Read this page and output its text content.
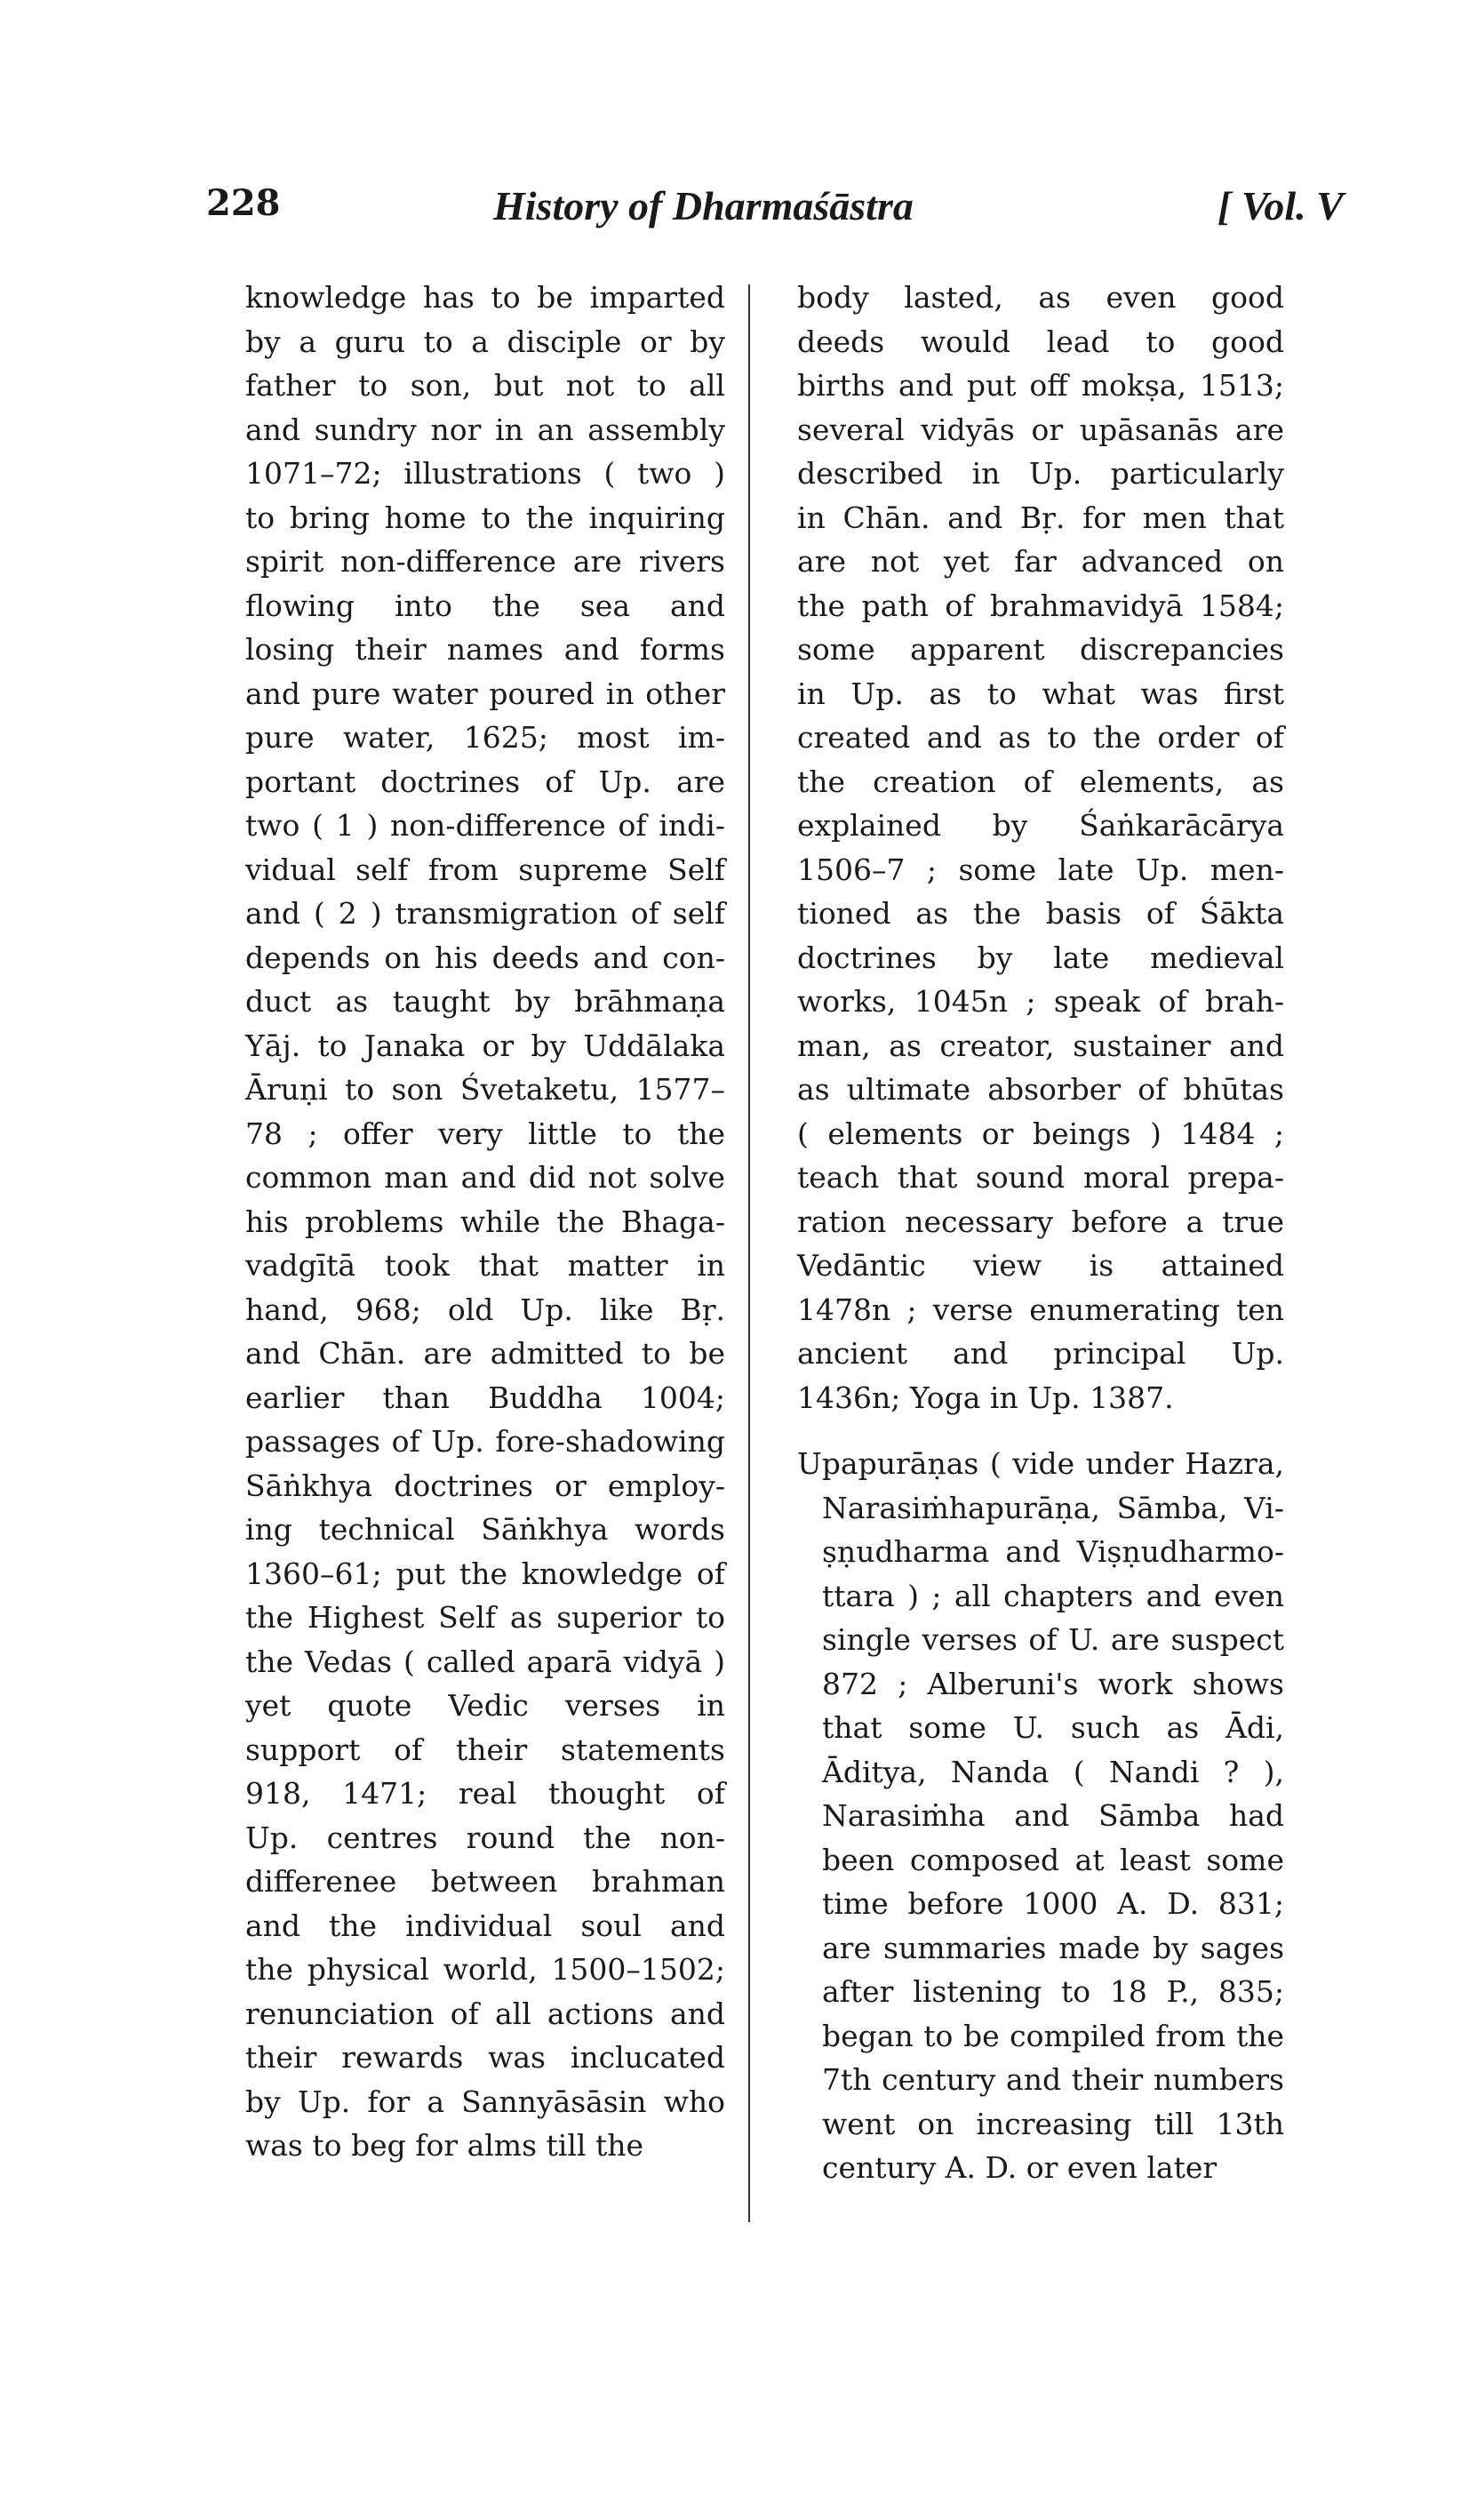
228	History of Dharmaśāstra	[ Vol. V
knowledge has to be imparted
by a guru to a disciple or by
father to son, but not to all
and sundry nor in an assembly
1071–72; illustrations ( two )
to bring home to the inquiring
spirit non-difference are rivers
flowing into the sea and
losing their names and forms
and pure water poured in other
pure water, 1625; most im-
portant doctrines of Up. are
two ( 1 ) non-difference of indi-
vidual self from supreme Self
and ( 2 ) transmigration of self
depends on his deeds and con-
duct as taught by brāhmaṇa
Yāj. to Janaka or by Uddālaka
Āruṇi to son Śvetaketu, 1577–
78 ; offer very little to the
common man and did not solve
his problems while the Bhaga-
vadgītā took that matter in
hand, 968; old Up. like Bṛ.
and Chān. are admitted to be
earlier than Buddha 1004;
passages of Up. fore-shadowing
Sāṅkhya doctrines or employ-
ing technical Sāṅkhya words
1360–61; put the knowledge of
the Highest Self as superior to
the Vedas ( called aparā vidyā )
yet quote Vedic verses in
support of their statements
918, 1471; real thought of
Up. centres round the non-
differenee between brahman
and the individual soul and
the physical world, 1500–1502;
renunciation of all actions and
their rewards was inclucated
by Up. for a Sannyāsāsin who
was to beg for alms till the
body lasted, as even good
deeds would lead to good
births and put off mokṣa, 1513;
several vidyās or upāsanās are
described in Up. particularly
in Chān. and Bṛ. for men that
are not yet far advanced on
the path of brahmavidyā 1584;
some apparent discrepancies
in Up. as to what was first
created and as to the order of
the creation of elements, as
explained by Śaṅkarācārya
1506–7 ; some late Up. men-
tioned as the basis of Śākta
doctrines by late medieval
works, 1045n ; speak of brah-
man, as creator, sustainer and
as ultimate absorber of bhūtas
( elements or beings ) 1484 ;
teach that sound moral prepa-
ration necessary before a true
Vedāntic view is attained
1478n ; verse enumerating ten
ancient and principal Up.
1436n; Yoga in Up. 1387.
Upapurāṇas ( vide under Hazra,
Narasiṁhapurāṇa, Sāmba, Vi-
ṣṇudharma and Viṣṇudharmo-
ttara ) ; all chapters and even
single verses of U. are suspect
872 ; Alberuni's work shows
that some U. such as Ādi,
Āditya, Nanda ( Nandi ? ),
Narasiṁha and Sāmba had
been composed at least some
time before 1000 A. D. 831;
are summaries made by sages
after listening to 18 P., 835;
began to be compiled from the
7th century and their numbers
went on increasing till 13th
century A. D. or even later
